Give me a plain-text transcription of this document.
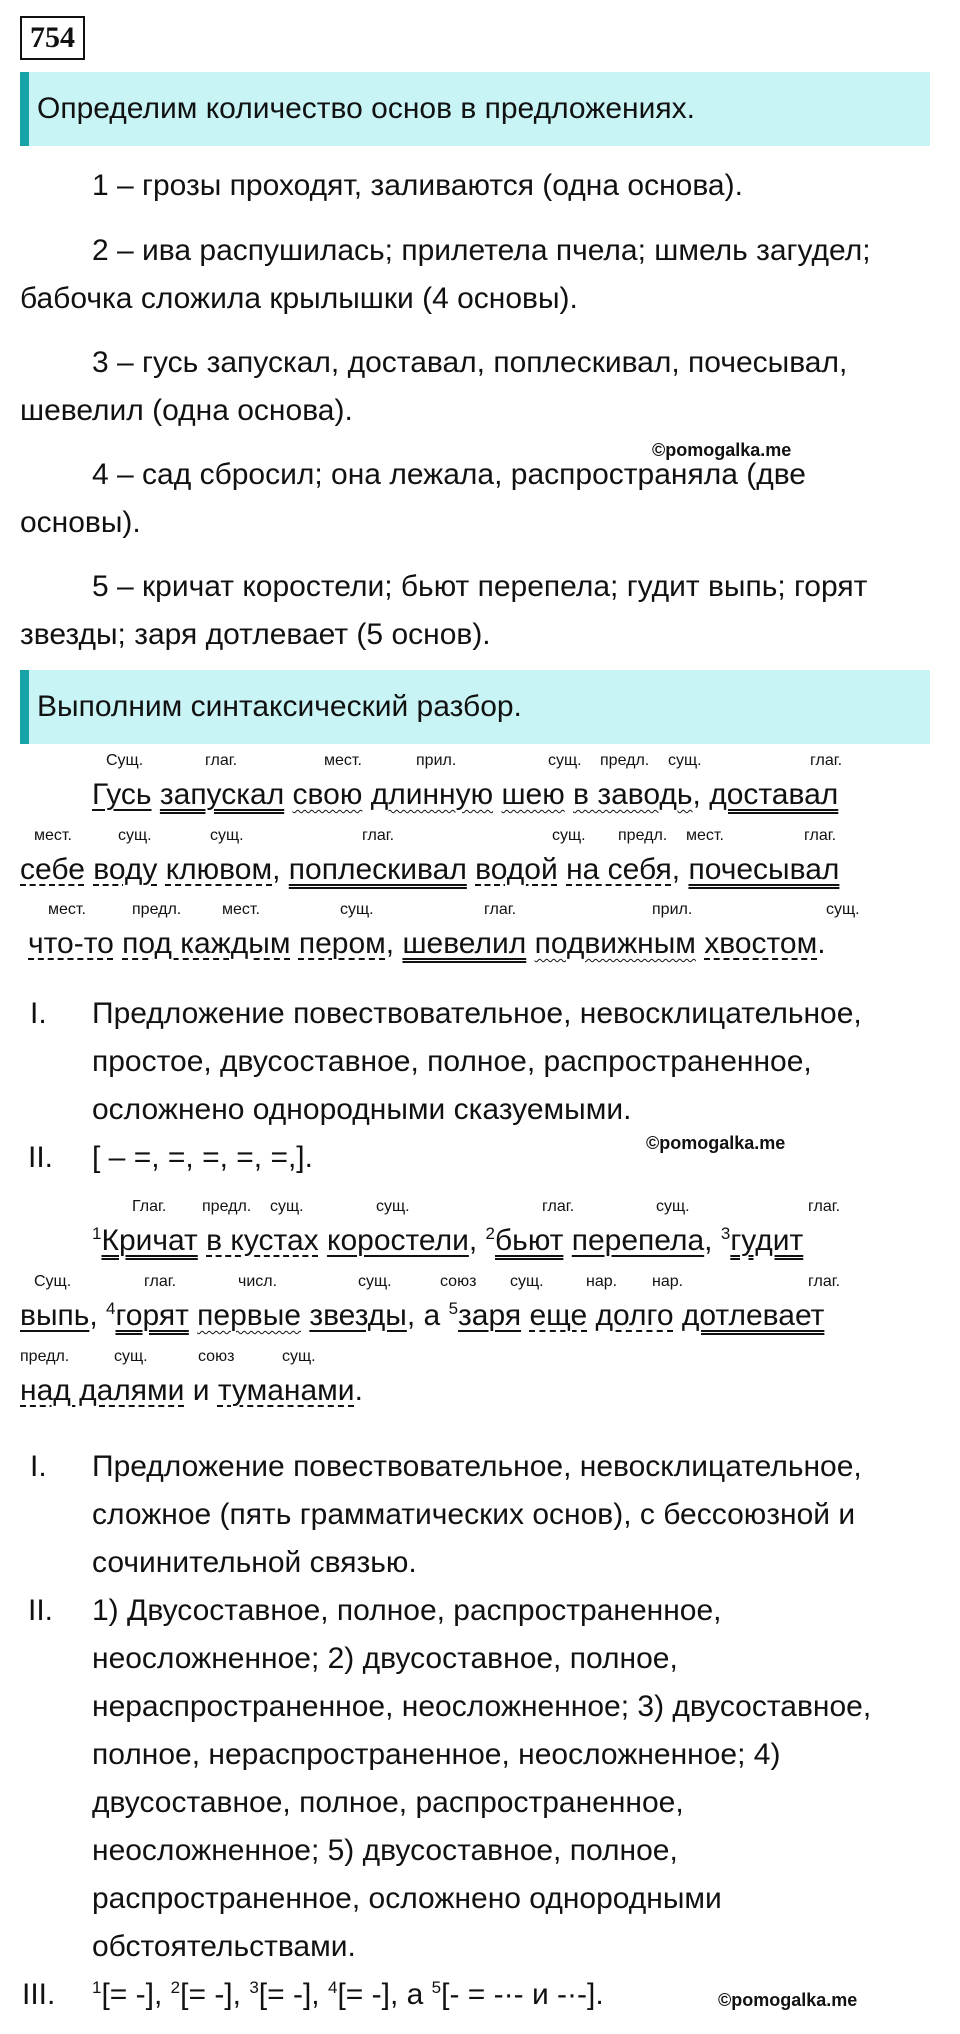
754
Определим количество основ в предложениях.
1 – грозы проходят, заливаются (одна основа).
2 – ива распушилась; прилетела пчела; шмель загудел;
бабочка сложила крылышки (4 основы).
3 – гусь запускал, доставал, поплескивал, почесывал,
шевелил (одна основа).
©pomogalka.me
4 – сад сбросил; она лежала, распространяла (две
основы).
5 – кричат коростели; бьют перепела; гудит выпь; горят
звезды; заря дотлевает (5 основ).
Выполним синтаксический разбор.
Сущ.	глаг.	мест.	прил.	сущ. предл. сущ.	глаг.
Гусь запускал свою длинную шею в заводь, доставал
мест.	сущ.	сущ.	глаг.	сущ. предл. мест.	глаг.
себе воду клювом, поплескивал водой на себя, почесывал
мест.	предл.	мест.	сущ.	глаг.	прил.	сущ.
что-то под каждым пером, шевелил подвижным хвостом.
I. Предложение повествовательное, невосклицательное,
простое, двусоставное, полное, распространенное,
осложнено однородными сказуемыми.
II. [ – =, =, =, =, =,].	©pomogalka.me
Глаг. предл. сущ.	сущ.	глаг.	сущ.	глаг.
$^1$Кричат в кустах коростели, $^2$бьют перепела, $^3$гудит
Сущ.	глаг.	числ.	сущ.	союз сущ.	нар. нар.	глаг.
выпь, $^4$горят первые звезды, а $^5$заря еще долго дотлевает
предл.	сущ.	союз	сущ.
над далями и туманами.
I. Предложение повествовательное, невосклицательное,
сложное (пять грамматических основ), с бессоюзной и
сочинительной связью.
II. 1) Двусоставное, полное, распространенное,
неосложненное; 2) двусоставное, полное,
нераспространенное, неосложненное; 3) двусоставное,
полное, нераспространенное, неосложненное; 4)
двусоставное, полное, распространенное,
неосложненное; 5) двусоставное, полное,
распространенное, осложнено однородными
обстоятельствами.
III. $^1$[= -], $^2$[= -], $^3$[= -], $^4$[= -], а $^5$[- = -·- и -·-].	©pomogalka.me
